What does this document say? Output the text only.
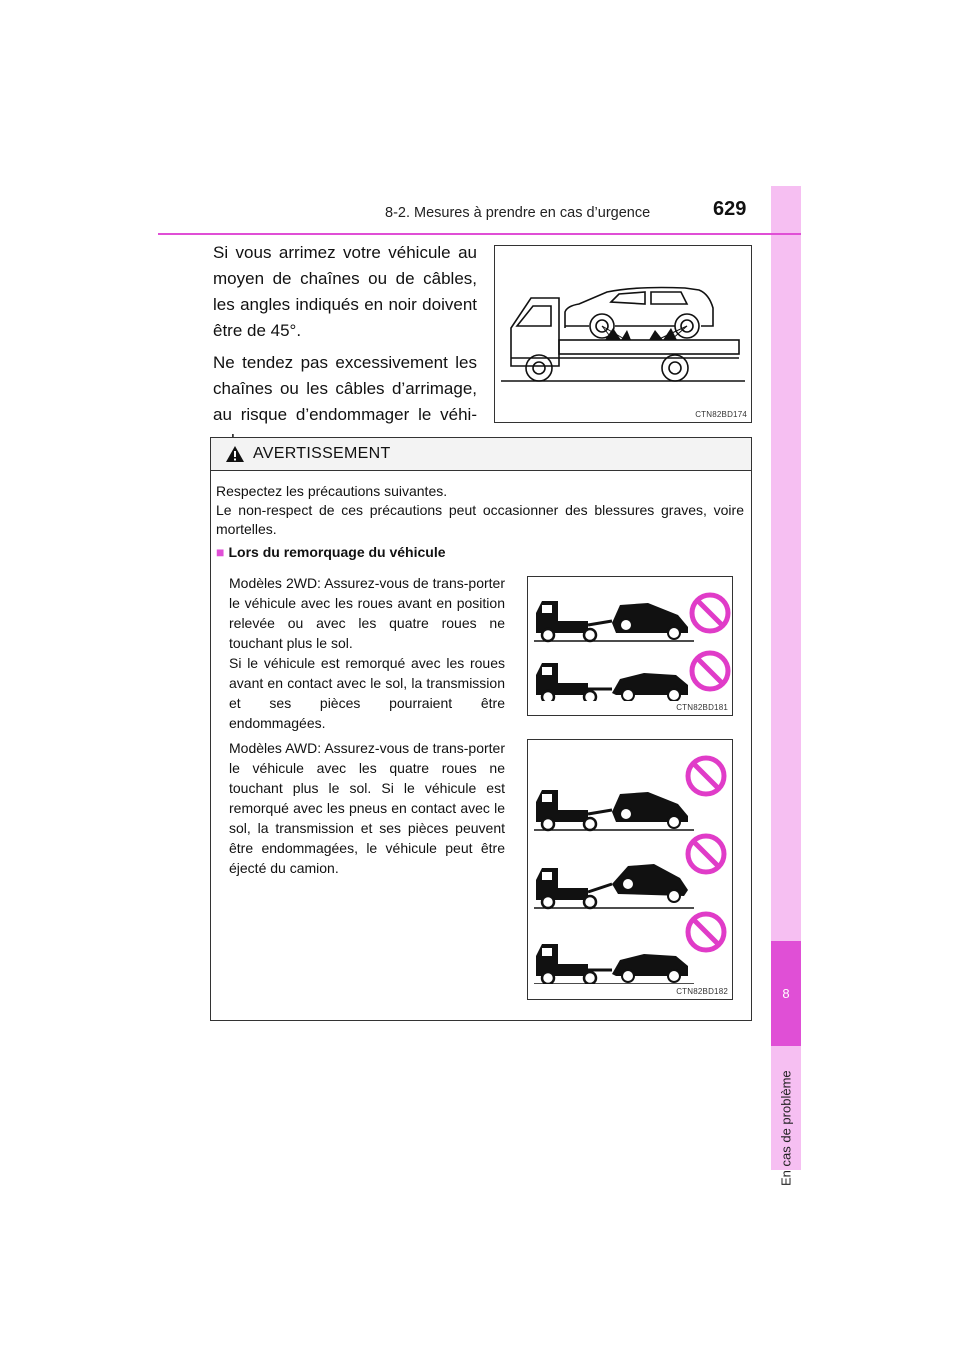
8
En cas de problème
8-2. Mesures à prendre en cas d’urgence	629

Si vous arrimez votre véhicule au moyen de chaînes ou de câbles, les angles indiqués en noir doivent être de 45°.

Ne tendez pas excessivement les chaînes ou les câbles d’arrimage, au risque d’endommager le véhi-	CTN82BD174
AVERTISSEMENT

Respectez les précautions suivantes.

Le non-respect de ces précautions peut occasionner des blessures graves, voire mortelles.

■ Lors du remorquage du véhicule
Modèles 2WD: Assurez-vous de trans-porter le véhicule avec les roues avant en position relevée ou avec les quatre roues ne touchant plus le sol.
Si le véhicule est remorqué avec les roues avant en contact avec le sol, la transmission et ses pièces pourraient être endommagées.
Modèles AWD: Assurez-vous de trans-porter le véhicule avec les quatre roues ne touchant plus le sol. Si le véhicule est remorqué avec les pneus en contact avec le sol, la transmission et ses pièces peuvent être endommagées, le véhicule peut être éjecté du camion.
CTN82BD181
CTN82BD182
